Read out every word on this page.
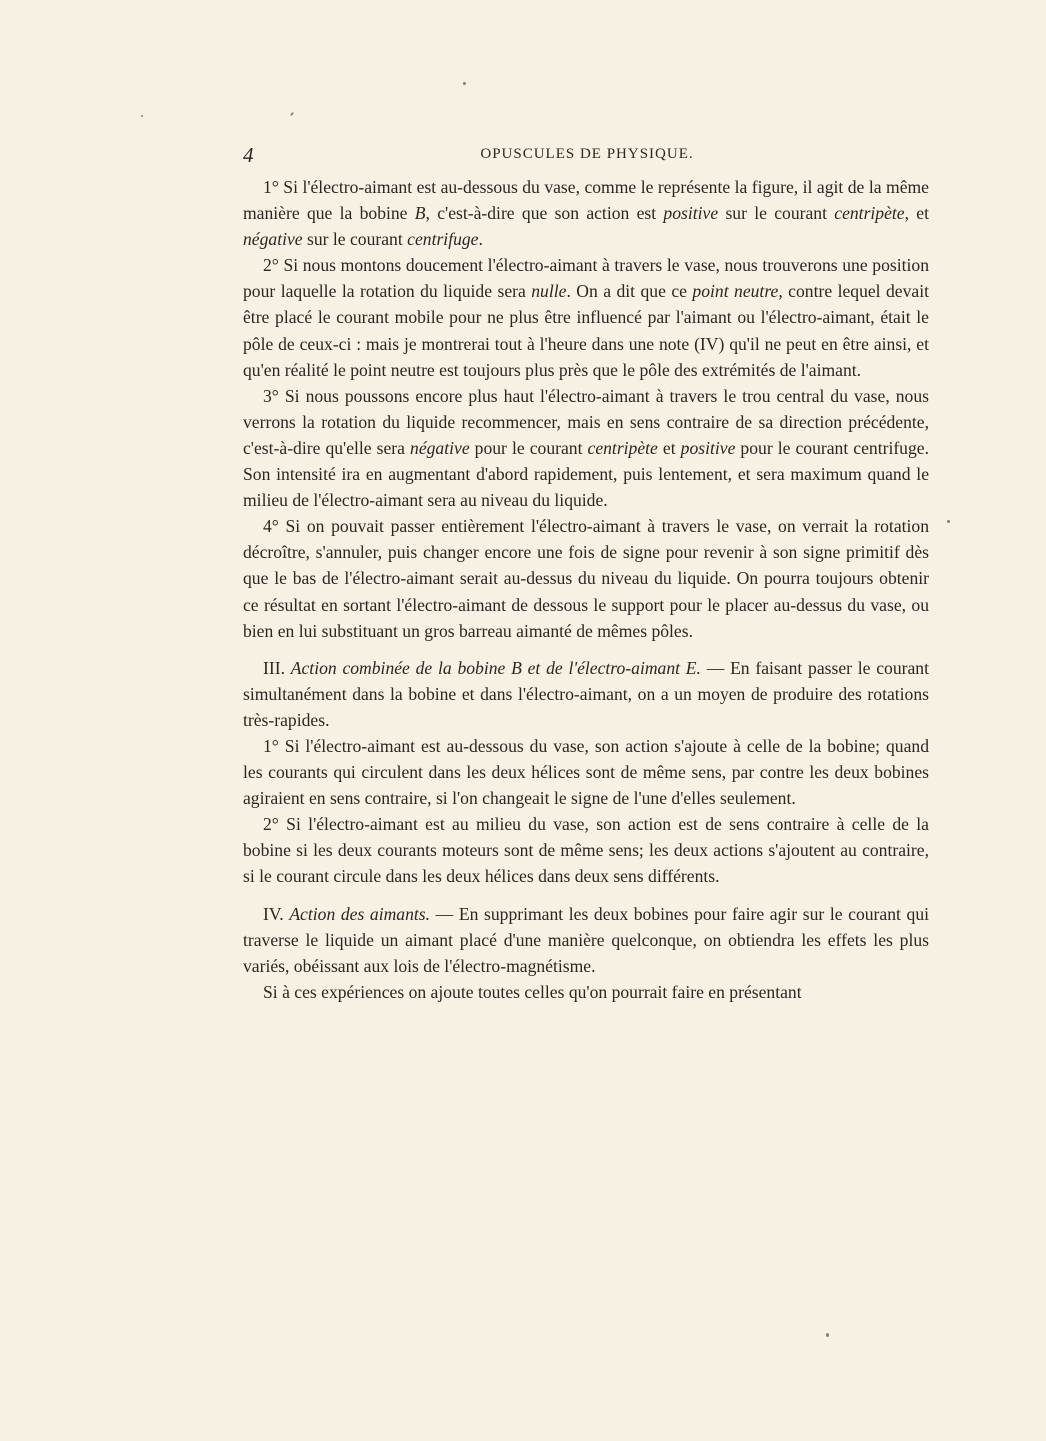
4	OPUSCULES DE PHYSIQUE.

1° Si l'électro-aimant est au-dessous du vase, comme le représente la figure, il agit de la même manière que la bobine B, c'est-à-dire que son action est positive sur le courant centripète, et négative sur le courant centrifuge.

2° Si nous montons doucement l'électro-aimant à travers le vase, nous trouverons une position pour laquelle la rotation du liquide sera nulle. On a dit que ce point neutre, contre lequel devait être placé le courant mobile pour ne plus être influencé par l'aimant ou l'électro-aimant, était le pôle de ceux-ci : mais je montrerai tout à l'heure dans une note (IV) qu'il ne peut en être ainsi, et qu'en réalité le point neutre est toujours plus près que le pôle des extrémités de l'aimant.

3° Si nous poussons encore plus haut l'électro-aimant à travers le trou central du vase, nous verrons la rotation du liquide recommencer, mais en sens contraire de sa direction précédente, c'est-à-dire qu'elle sera négative pour le courant centripète et positive pour le courant centrifuge. Son intensité ira en augmentant d'abord rapidement, puis lentement, et sera maximum quand le milieu de l'électro-aimant sera au niveau du liquide.

4° Si on pouvait passer entièrement l'électro-aimant à travers le vase, on verrait la rotation décroître, s'annuler, puis changer encore une fois de signe pour revenir à son signe primitif dès que le bas de l'électro-aimant serait au-dessus du niveau du liquide. On pourra toujours obtenir ce résultat en sortant l'électro-aimant de dessous le support pour le placer au-dessus du vase, ou bien en lui substituant un gros barreau aimanté de mêmes pôles.

III. Action combinée de la bobine B et de l'électro-aimant E. — En faisant passer le courant simultanément dans la bobine et dans l'électro-aimant, on a un moyen de produire des rotations très-rapides.

1° Si l'électro-aimant est au-dessous du vase, son action s'ajoute à celle de la bobine; quand les courants qui circulent dans les deux hélices sont de même sens, par contre les deux bobines agiraient en sens contraire, si l'on changeait le signe de l'une d'elles seulement.

2° Si l'électro-aimant est au milieu du vase, son action est de sens contraire à celle de la bobine si les deux courants moteurs sont de même sens; les deux actions s'ajoutent au contraire, si le courant circule dans les deux hélices dans deux sens différents.

IV. Action des aimants. — En supprimant les deux bobines pour faire agir sur le courant qui traverse le liquide un aimant placé d'une manière quelconque, on obtiendra les effets les plus variés, obéissant aux lois de l'électro-magnétisme.

Si à ces expériences on ajoute toutes celles qu'on pourrait faire en présentant
